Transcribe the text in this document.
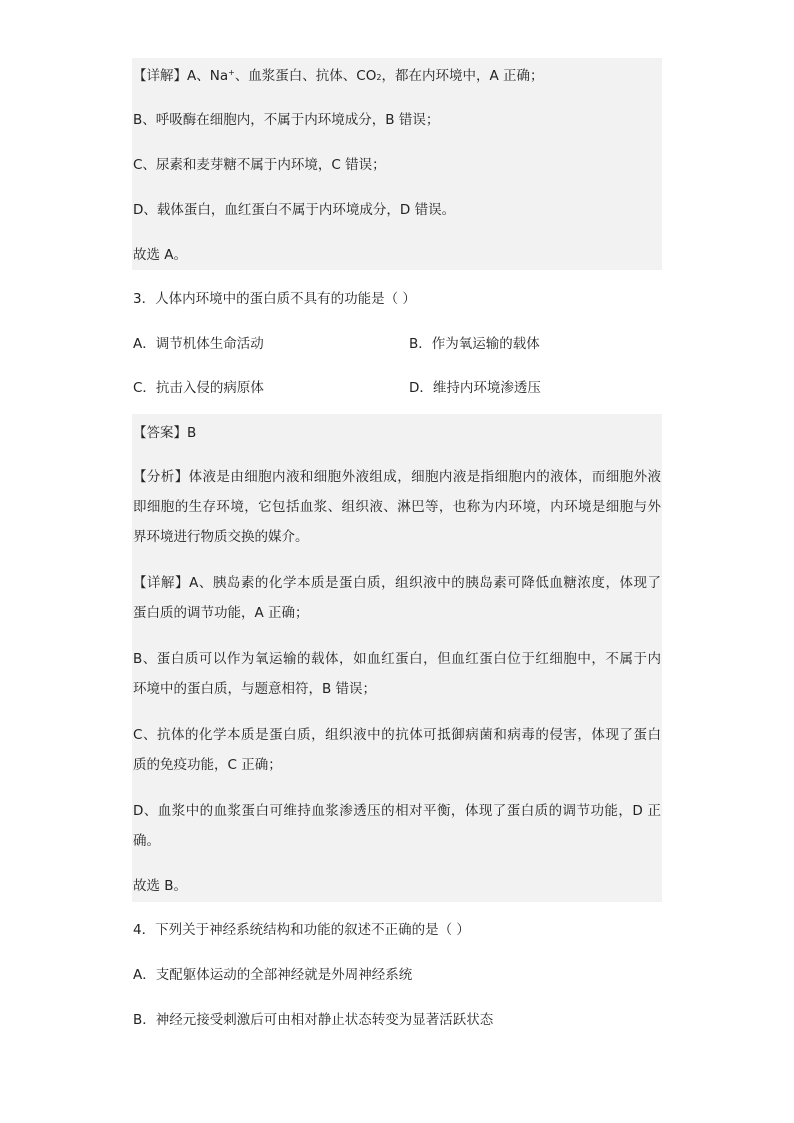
【详解】A、Na+、血浆蛋白、抗体、$CO_2$，都在内环境中，A 正确；
B、呼吸酶在细胞内，不属于内环境成分，B 错误；
C、尿素和麦芽糖不属于内环境，C 错误；
D、载体蛋白，血红蛋白不属于内环境成分，D 错误。
故选 A。
3．人体内环境中的蛋白质不具有的功能是（ ）
A．调节机体生命活动	B．作为氧运输的载体
C．抗击入侵的病原体	D．维持内环境渗透压
【答案】B
【分析】体液是由细胞内液和细胞外液组成，细胞内液是指细胞内的液体，而细胞外液
即细胞的生存环境，它包括血浆、组织液、淋巴等，也称为内环境，内环境是细胞与外
界环境进行物质交换的媒介。
【详解】A、胰岛素的化学本质是蛋白质，组织液中的胰岛素可降低血糖浓度，体现了
蛋白质的调节功能，A 正确；
B、蛋白质可以作为氧运输的载体，如血红蛋白，但血红蛋白位于红细胞中，不属于内
环境中的蛋白质，与题意相符，B 错误；
C、抗体的化学本质是蛋白质，组织液中的抗体可抵御病菌和病毒的侵害，体现了蛋白
质的免疫功能，C 正确；
D、血浆中的血浆蛋白可维持血浆渗透压的相对平衡，体现了蛋白质的调节功能，D 正
确。
故选 B。
4．下列关于神经系统结构和功能的叙述不正确的是（ ）
A．支配躯体运动的全部神经就是外周神经系统
B．神经元接受刺激后可由相对静止状态转变为显著活跃状态
